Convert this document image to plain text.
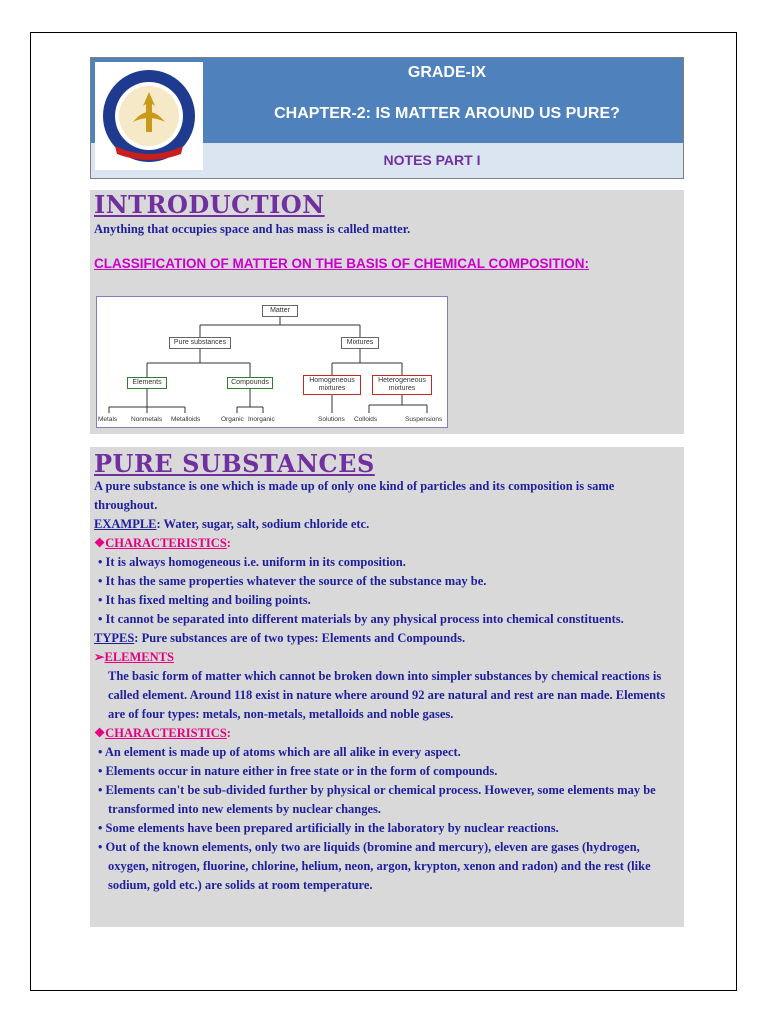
GRADE-IX
CHAPTER-2: IS MATTER AROUND US PURE?
NOTES PART I
INTRODUCTION
Anything that occupies space and has mass is called matter.
CLASSIFICATION OF MATTER ON THE BASIS OF CHEMICAL COMPOSITION:
Matter
Pure substances	Mixtures
Elements	Compounds	Homogeneous mixtures
Heterogeneous mixtures
Metals Nonmetals Metalloids	Organic Inorganic	Solutions Colloids	Suspensions
PURE SUBSTANCES

A pure substance is one which is made up of only one kind of particles and its composition is same throughout.

EXAMPLE: Water, sugar, salt, sodium chloride etc.

❖CHARACTERISTICS:

• It is always homogeneous i.e. uniform in its composition.

• It has the same properties whatever the source of the substance may be.

• It has fixed melting and boiling points.

• It cannot be separated into different materials by any physical process into chemical constituents.

TYPES: Pure substances are of two types: Elements and Compounds.

➢ELEMENTS

The basic form of matter which cannot be broken down into simpler substances by chemical reactions is called element. Around 118 exist in nature where around 92 are natural and rest are nan made. Elements are of four types: metals, non-metals, metalloids and noble gases.

❖CHARACTERISTICS:

• An element is made up of atoms which are all alike in every aspect.

• Elements occur in nature either in free state or in the form of compounds.

• Elements can't be sub-divided further by physical or chemical process. However, some elements may be transformed into new elements by nuclear changes.

• Some elements have been prepared artificially in the laboratory by nuclear reactions.

• Out of the known elements, only two are liquids (bromine and mercury), eleven are gases (hydrogen, oxygen, nitrogen, fluorine, chlorine, helium, neon, argon, krypton, xenon and radon) and the rest (like sodium, gold etc.) are solids at room temperature.
